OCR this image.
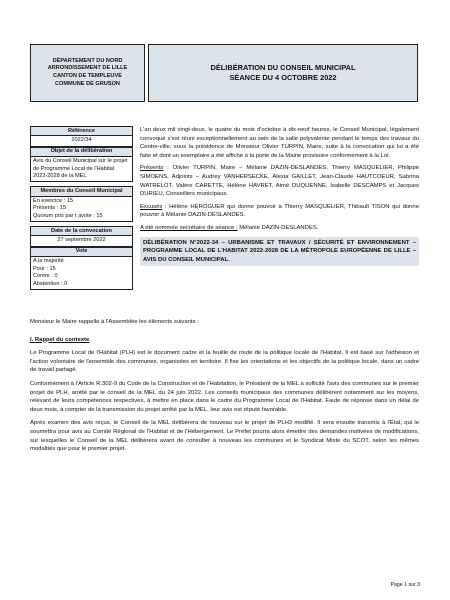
DÉPARTEMENT DU NORD
ARRONDISSEMENT DE LILLE
CANTON DE TEMPLEUVE
COMMUNE DE GRUSON
DÉLIBÉRATION DU CONSEIL MUNICIPAL
SÉANCE DU 4 OCTOBRE 2022
Référence
2022/34
Objet de la délibération
Avis du Conseil Municipal sur le projet de Programme Local de l'Habitat 2022-2028 de la MEL
Membres du Conseil Municipal
En exercice : 15
Présents : 15
Quorum pris par t avote : 15
Date de la convocation
27 septembre 2022
Vote
A la majorité
Pour : 15
Contre : 0
Abstention : 0

L'an deux mil vingt-deux, le quatre du mois d'octobre à dix-neuf heures, le Conseil Municipal, légalement convoqué s'est réuni exceptionnellement au sein de la salle polyvalente pendant le temps des travaux du Centre-ville, sous la présidence de Monsieur Olivier TURPIN, Maire, suite à la convocation qui lui a été faite et dont un exemplaire a été affiché à la porte de la Mairie provisoire conformément à la Loi.

Présents : Olivier TURPIN, Maire – Mélanie DAZIN-DESLANDES, Thierry MASQUELIER, Philippe SIMOENS, Adjoints – Audrey VANHERSECKE, Alexia GAILLET, Jean-Claude HAUTCOEUR, Sabrina WATRELOT, Valère CARETTE, Hélène HAVRET, Aimé DUQUENNE, Isabelle DESCAMPS et Jacques DURIEU, Conseillers municipaux.

Excusés : Hélène HEROGUER qui donne pouvoir à Thierry MASQUELIER, Thibault TISON qui donne pouvoir à Mélanie DAZIN-DESLANDES.

A été nommée secrétaire de séance : Mélanie DAZIN-DESLANDES.

DÉLIBÉRATION N°2022-34 – URBANISME ET TRAVAUX / SÉCURITÉ ET ENVIRONNEMENT – PROGRAMME LOCAL DE L'HABITAT 2022-2028 DE LA MÉTROPOLE EUROPÉENNE DE LILLE – AVIS DU CONSEIL MUNICIPAL.

Monsieur le Maire rappelle à l'Assemblée les éléments suivants :

I. Rappel du contexte

Le Programme Local de l'Habitat (PLH) est le document cadre et la feuille de route de la politique locale de l'Habitat. Il est basé sur l'adhésion et l'action volontaire de l'ensemble des communes, organisées en territoire. Il fixe les orientations et les objectifs de la politique locale, dans un cadre de travail partagé.

Conformément à l'Article R.302-9 du Code de la Construction et de l'Habitation, le Président de la MEL a sollicité l'avis des communes sur le premier projet de PLH, arrêté par le conseil de la MEL du 24 juin 2022. Les conseils municipaux des communes délibèrent notamment sur les moyens, relevant de leurs compétences respectives, à mettre en place dans le cadre du Programme Local de l'Habitat. Faute de réponse dans un délai de deux mois, à compter de la transmission du projet arrêté par la MEL, leur avis est réputé favorable.

Après examen des avis reçus, le Conseil de la MEL délibèrera de nouveau sur le projet de PLH3 modifié. Il sera ensuite transmis à l'État, qui le soumettra pour avis au Comité Régional de l'Habitat et de l'Hébergement. Le Préfet pourra alors émettre des demandes motivées de modifications, sur lesquelles le Conseil de la MEL délibèrera avant de consulter à nouveau les communes et le Syndicat Mixte du SCOT, selon les mêmes modalités que pour le premier projet.

Page 1 sur 3
